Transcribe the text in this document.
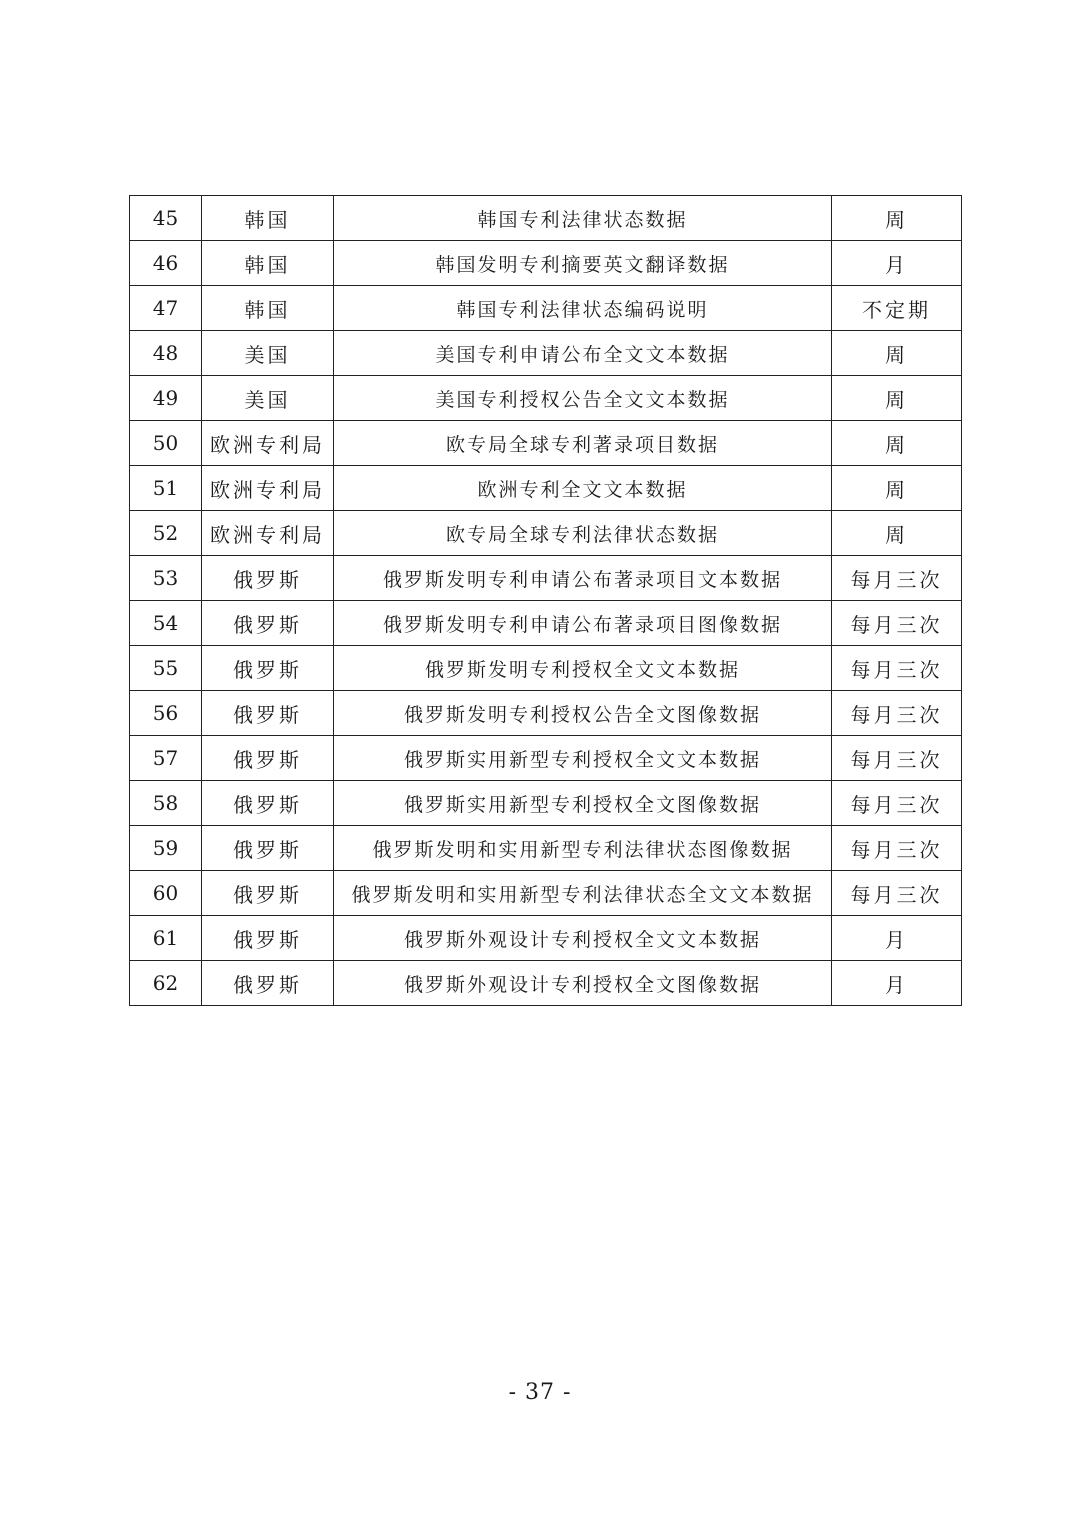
45	韩国	韩国专利法律状态数据	周
46	韩国	韩国发明专利摘要英文翻译数据	月
47	韩国	韩国专利法律状态编码说明	不定期
48	美国	美国专利申请公布全文文本数据	周
49	美国	美国专利授权公告全文文本数据	周
50	欧洲专利局	欧专局全球专利著录项目数据	周
51	欧洲专利局	欧洲专利全文文本数据	周
52	欧洲专利局	欧专局全球专利法律状态数据	周
53	俄罗斯	俄罗斯发明专利申请公布著录项目文本数据	每月三次
54	俄罗斯	俄罗斯发明专利申请公布著录项目图像数据	每月三次
55	俄罗斯	俄罗斯发明专利授权全文文本数据	每月三次
56	俄罗斯	俄罗斯发明专利授权公告全文图像数据	每月三次
57	俄罗斯	俄罗斯实用新型专利授权全文文本数据	每月三次
58	俄罗斯	俄罗斯实用新型专利授权全文图像数据	每月三次
59	俄罗斯	俄罗斯发明和实用新型专利法律状态图像数据	每月三次
60	俄罗斯	俄罗斯发明和实用新型专利法律状态全文文本数据	每月三次
61	俄罗斯	俄罗斯外观设计专利授权全文文本数据	月
62	俄罗斯	俄罗斯外观设计专利授权全文图像数据	月
- 37 -
